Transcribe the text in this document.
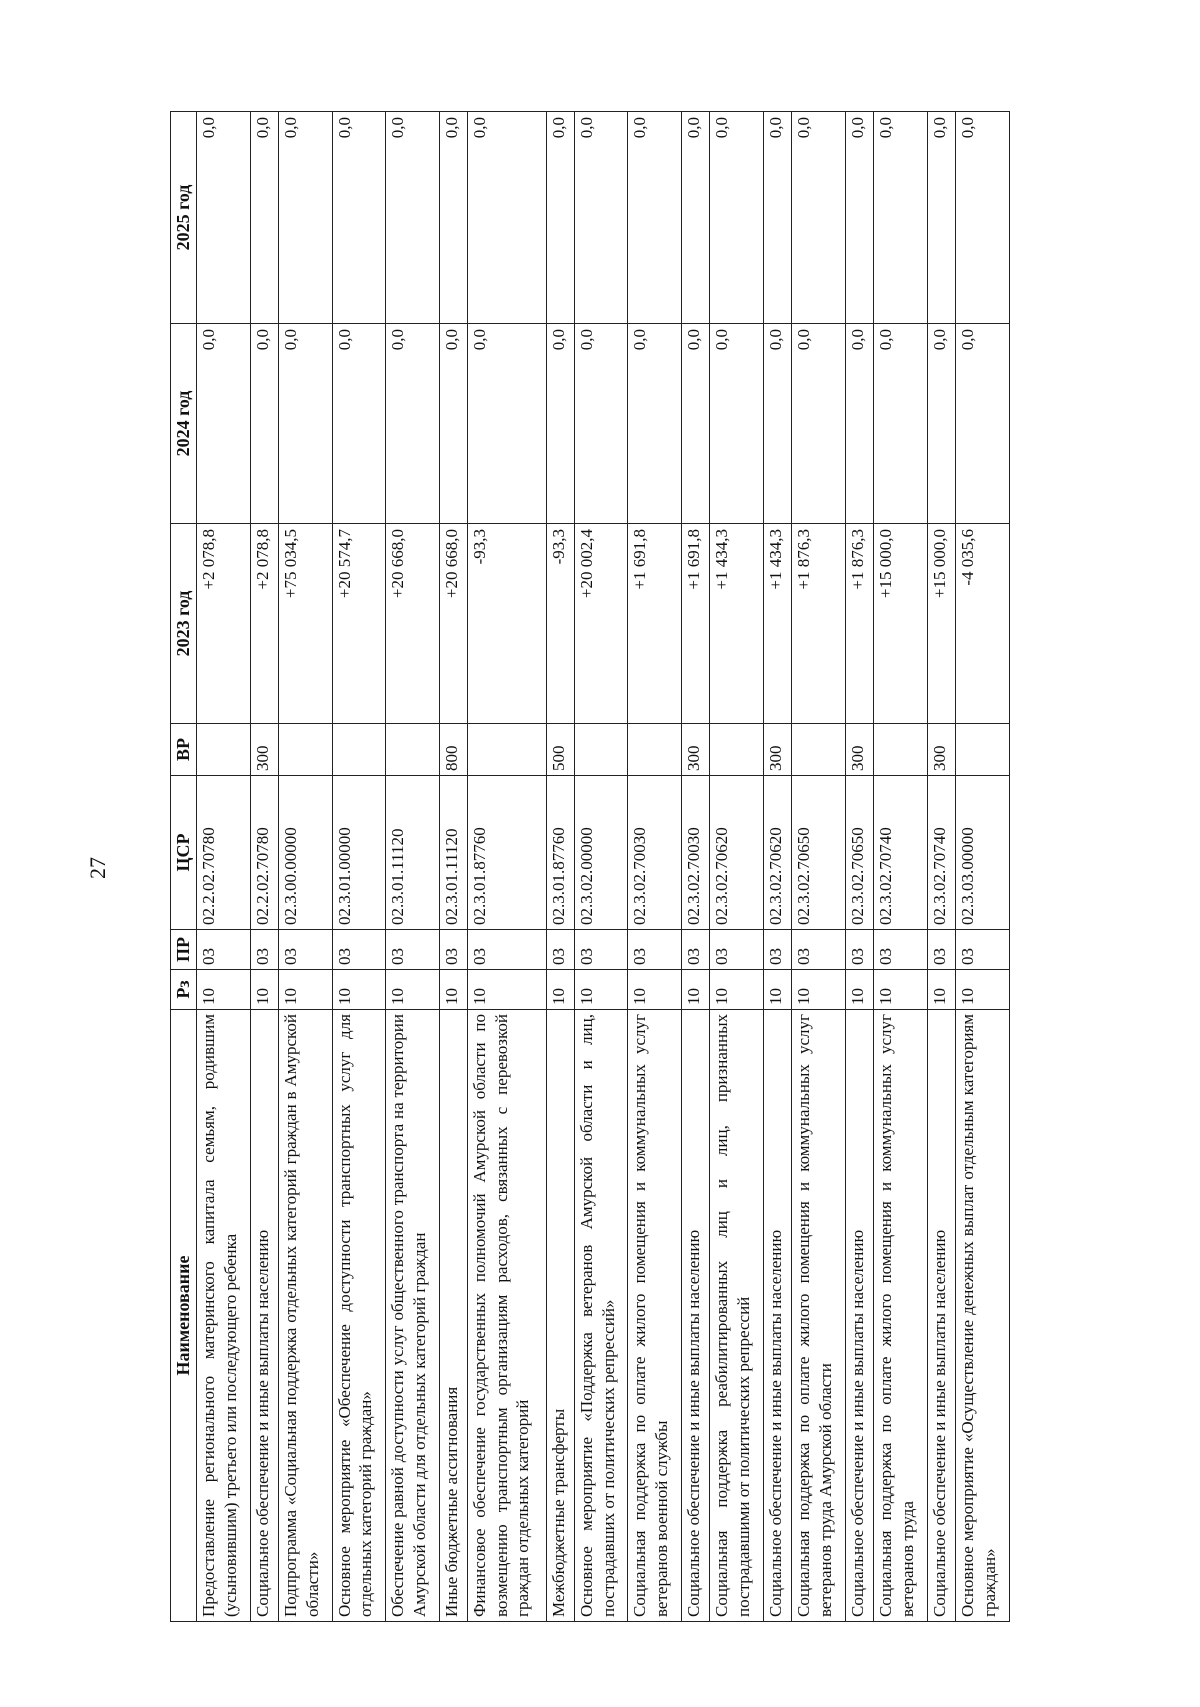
27
Наименование	Рз	ПР	ЦСР	ВР	2023 год	2024 год	2025 год
Предоставление регионального материнского капитала семьям, родившим (усыновившим) третьего или последующего ребенка	10	03	02.2.02.70780		+2 078,8	0,0	0,0
Социальное обеспечение и иные выплаты населению	10	03	02.2.02.70780	300	+2 078,8	0,0	0,0
Подпрограмма «Социальная поддержка отдельных категорий граждан в Амурской области»	10	03	02.3.00.00000		+75 034,5	0,0	0,0
Основное мероприятие «Обеспечение доступности транспортных услуг для отдельных категорий граждан»	10	03	02.3.01.00000		+20 574,7	0,0	0,0
Обеспечение равной доступности услуг общественного транспорта на территории Амурской области для отдельных категорий граждан	10	03	02.3.01.11120		+20 668,0	0,0	0,0
Иные бюджетные ассигнования	10	03	02.3.01.11120	800	+20 668,0	0,0	0,0
Финансовое обеспечение государственных полномочий Амурской области по возмещению транспортным организациям расходов, связанных с перевозкой граждан отдельных категорий	10	03	02.3.01.87760		-93,3	0,0	0,0
Межбюджетные трансферты	10	03	02.3.01.87760	500	-93,3	0,0	0,0
Основное мероприятие «Поддержка ветеранов Амурской области и лиц, пострадавших от политических репрессий»	10	03	02.3.02.00000		+20 002,4	0,0	0,0
Социальная поддержка по оплате жилого помещения и коммунальных услуг ветеранов военной службы	10	03	02.3.02.70030		+1 691,8	0,0	0,0
Социальное обеспечение и иные выплаты населению	10	03	02.3.02.70030	300	+1 691,8	0,0	0,0
Социальная поддержка реабилитированных лиц и лиц, признанных пострадавшими от политических репрессий	10	03	02.3.02.70620		+1 434,3	0,0	0,0
Социальное обеспечение и иные выплаты населению	10	03	02.3.02.70620	300	+1 434,3	0,0	0,0
Социальная поддержка по оплате жилого помещения и коммунальных услуг ветеранов труда Амурской области	10	03	02.3.02.70650		+1 876,3	0,0	0,0
Социальное обеспечение и иные выплаты населению	10	03	02.3.02.70650	300	+1 876,3	0,0	0,0
Социальная поддержка по оплате жилого помещения и коммунальных услуг ветеранов труда	10	03	02.3.02.70740		+15 000,0	0,0	0,0
Социальное обеспечение и иные выплаты населению	10	03	02.3.02.70740	300	+15 000,0	0,0	0,0
Основное мероприятие «Осуществление денежных выплат отдельным категориям граждан»	10	03	02.3.03.00000		-4 035,6	0,0	0,0
